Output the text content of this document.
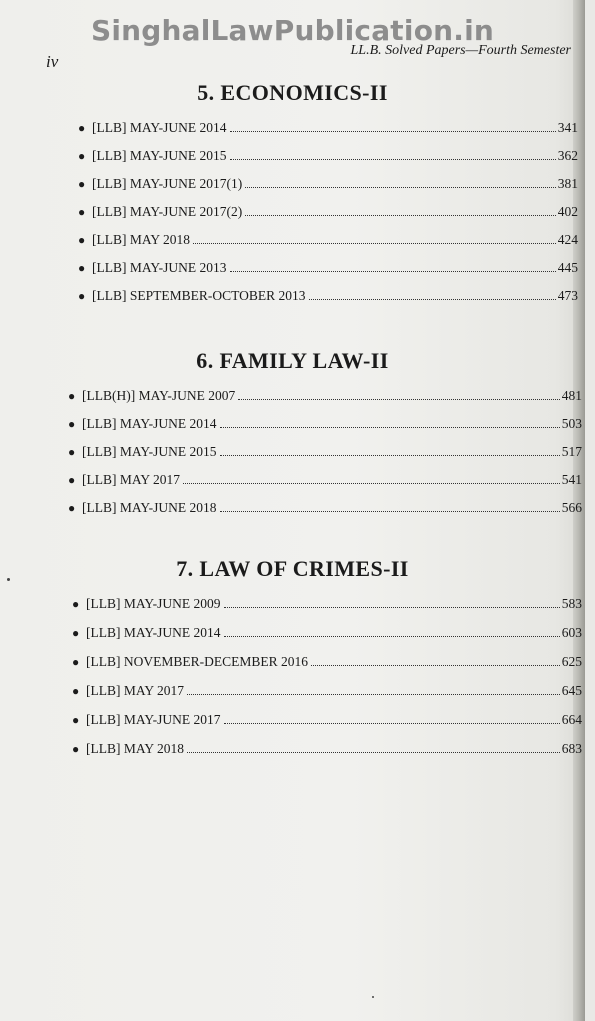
SinghalLawPublication.in
iv
LL.B. Solved Papers—Fourth Semester
5. ECONOMICS-II
● [LLB] MAY-JUNE 2014	341
● [LLB] MAY-JUNE 2015	362
● [LLB] MAY-JUNE 2017(1)	381
● [LLB] MAY-JUNE 2017(2)	402
● [LLB] MAY 2018	424
● [LLB] MAY-JUNE 2013	445
● [LLB] SEPTEMBER-OCTOBER 2013	473
6. FAMILY LAW-II
● [LLB(H)] MAY-JUNE 2007	481
● [LLB] MAY-JUNE 2014	503
● [LLB] MAY-JUNE 2015	517
● [LLB] MAY 2017	541
● [LLB] MAY-JUNE 2018	566
7. LAW OF CRIMES-II
● [LLB] MAY-JUNE 2009	583
● [LLB] MAY-JUNE 2014	603
● [LLB] NOVEMBER-DECEMBER 2016	625
● [LLB] MAY 2017	645
● [LLB] MAY-JUNE 2017	664
● [LLB] MAY 2018	683
